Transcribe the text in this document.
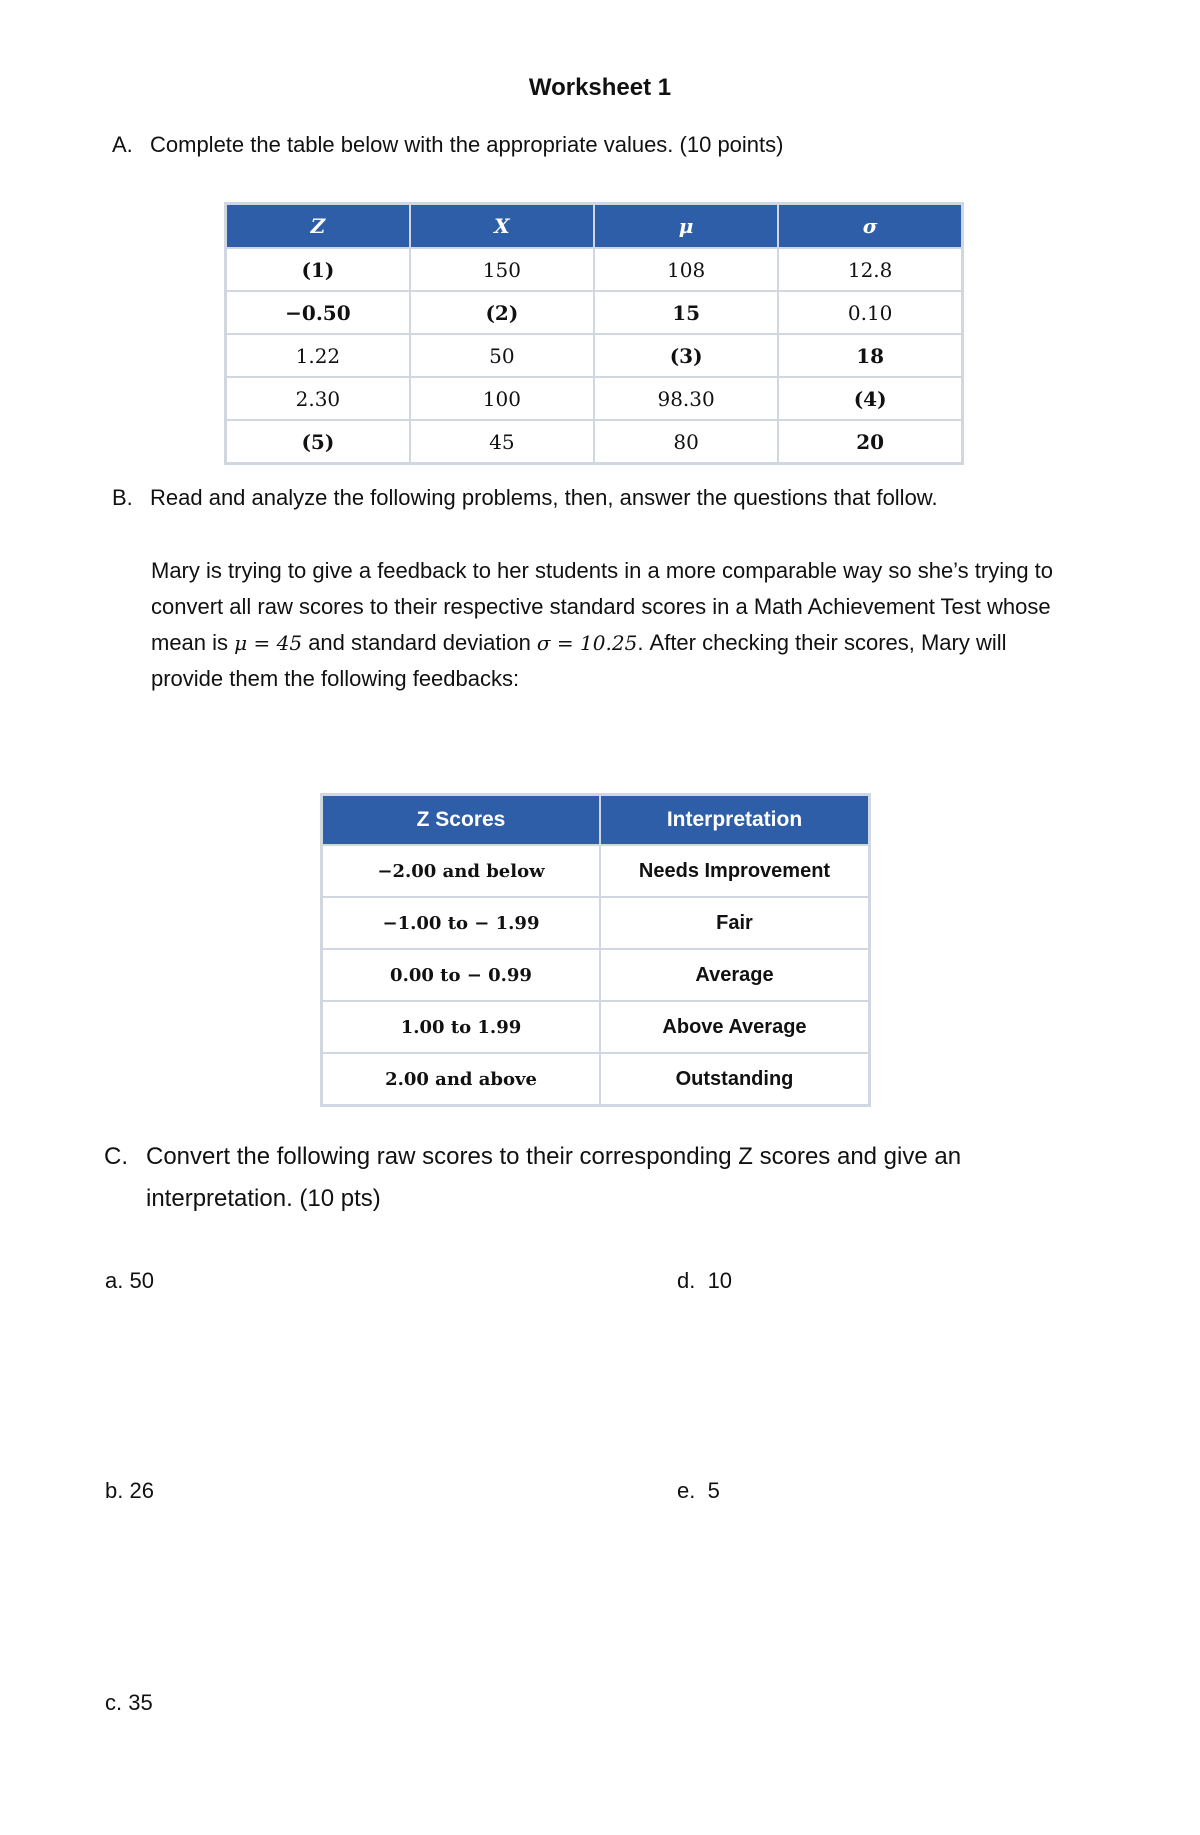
Worksheet 1
A. Complete the table below with the appropriate values. (10 points)
Z	X	μ	σ
(1)	150	108	12.8
−0.50	(2)	15	0.10
1.22	50	(3)	18
2.30	100	98.30	(4)
(5)	45	80	20
B. Read and analyze the following problems, then, answer the questions that follow.
Mary is trying to give a feedback to her students in a more comparable way so she’s trying to convert all raw scores to their respective standard scores in a Math Achievement Test whose mean is μ = 45 and standard deviation σ = 10.25. After checking their scores, Mary will provide them the following feedbacks:
Z Scores	Interpretation
−2.00 and below	Needs Improvement
−1.00 to − 1.99	Fair
0.00 to − 0.99	Average
1.00 to 1.99	Above Average
2.00 and above	Outstanding
C. Convert the following raw scores to their corresponding Z scores and give an
interpretation. (10 pts)
a. 50	d.  10
b. 26	e.  5
c. 35
